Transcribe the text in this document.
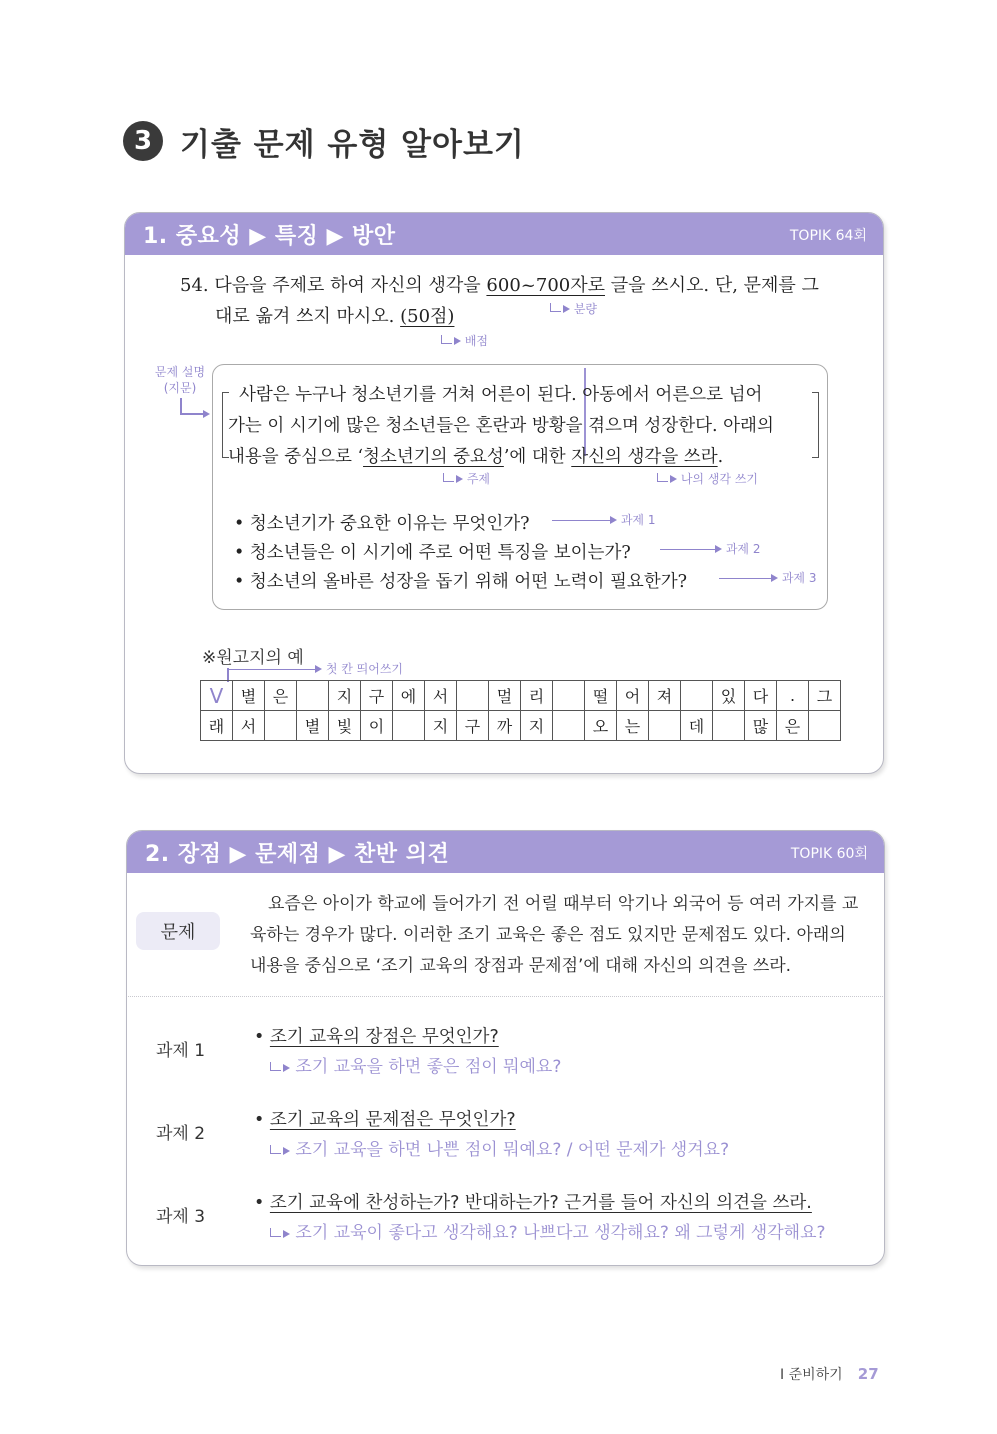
3 기출 문제 유형 알아보기
1. 중요성 ▶ 특징 ▶ 방안	TOPIK 64회
54. 다음을 주제로 하여 자신의 생각을 600~700자로 글을 쓰시오. 단, 문제를 그
대로 옮겨 쓰지 마시오. (50점)	분량
배점
문제 설명
(지문)	사람은 누구나 청소년기를 거쳐 어른이 된다. 아동에서 어른으로 넘어
가는 이 시기에 많은 청소년들은 혼란과 방황을 겪으며 성장한다. 아래의
내용을 중심으로 ‘청소년기의 중요성’에 대한 자신의 생각을 쓰라.
주제	나의 생각 쓰기
• 청소년기가 중요한 이유는 무엇인가?
• 청소년들은 이 시기에 주로 어떤 특징을 보이는가?
• 청소년의 올바른 성장을 돕기 위해 어떤 노력이 필요한가?
과제 1
과제 2
과제 3
※원고지의 예
첫 칸 띄어쓰기
V	별	은		지	구	에	서		멀	리		떨	어	져		있	다	.	그
래	서		별	빛	이		지	구	까	지		오	는		데		많	은	
2. 장점 ▶ 문제점 ▶ 찬반 의견	TOPIK 60회
문제
요즘은 아이가 학교에 들어가기 전 어릴 때부터 악기나 외국어 등 여러 가지를 교
육하는 경우가 많다. 이러한 조기 교육은 좋은 점도 있지만 문제점도 있다. 아래의
내용을 중심으로 ‘조기 교육의 장점과 문제점’에 대해 자신의 의견을 쓰라.
과제 1
• 조기 교육의 장점은 무엇인가?
조기 교육을 하면 좋은 점이 뭐예요?
과제 2
• 조기 교육의 문제점은 무엇인가?
조기 교육을 하면 나쁜 점이 뭐예요? / 어떤 문제가 생겨요?
과제 3
• 조기 교육에 찬성하는가? 반대하는가? 근거를 들어 자신의 의견을 쓰라.
조기 교육이 좋다고 생각해요? 나쁘다고 생각해요? 왜 그렇게 생각해요?
I 준비하기 27
